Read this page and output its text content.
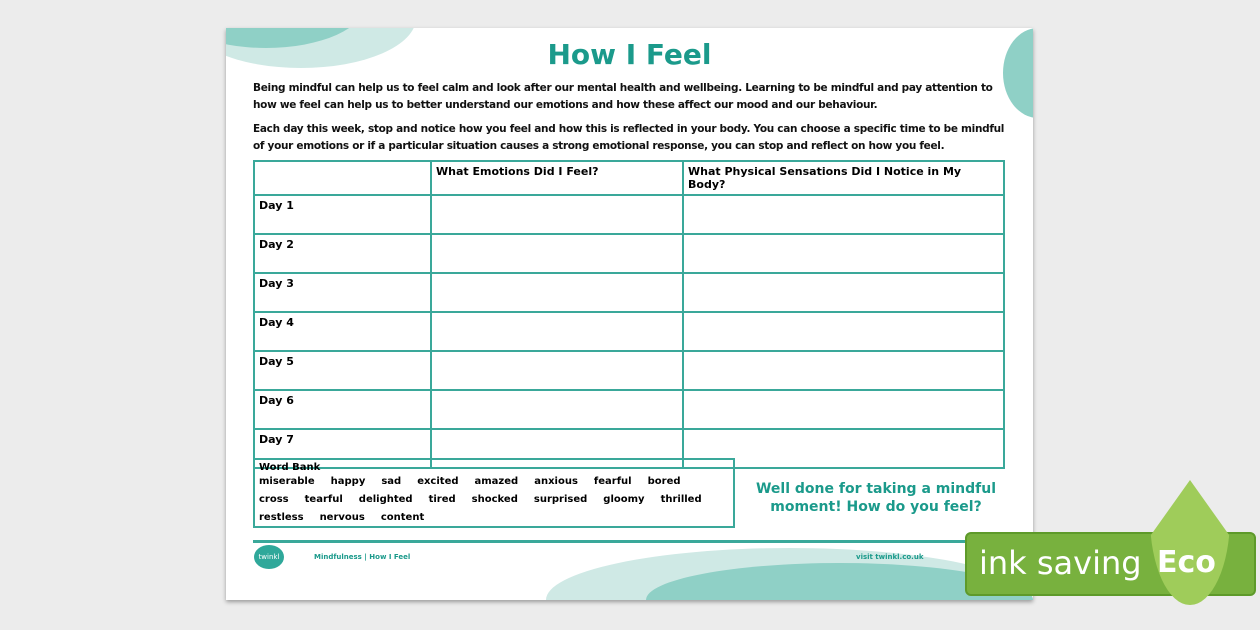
How I Feel
Being mindful can help us to feel calm and look after our mental health and wellbeing. Learning to be mindful and pay attention to how we feel can help us to better understand our emotions and how these affect our mood and our behaviour.
Each day this week, stop and notice how you feel and how this is reflected in your body. You can choose a specific time to be mindful of your emotions or if a particular situation causes a strong emotional response, you can stop and reflect on how you feel.
	What Emotions Did I Feel?	What Physical Sensations Did I Notice in My Body?
Day 1		
Day 2		
Day 3		
Day 4		
Day 5		
Day 6		
Day 7		
Word Bank
miserable happy sad excited amazed anxious fearful boredcross tearful delighted tired shocked surprised gloomy thrilledrestless nervous content
Well done for taking a mindful moment! How do you feel?
twinkl	Mindfulness | How I Feel	visit twinkl.co.uk ink saving Eco
